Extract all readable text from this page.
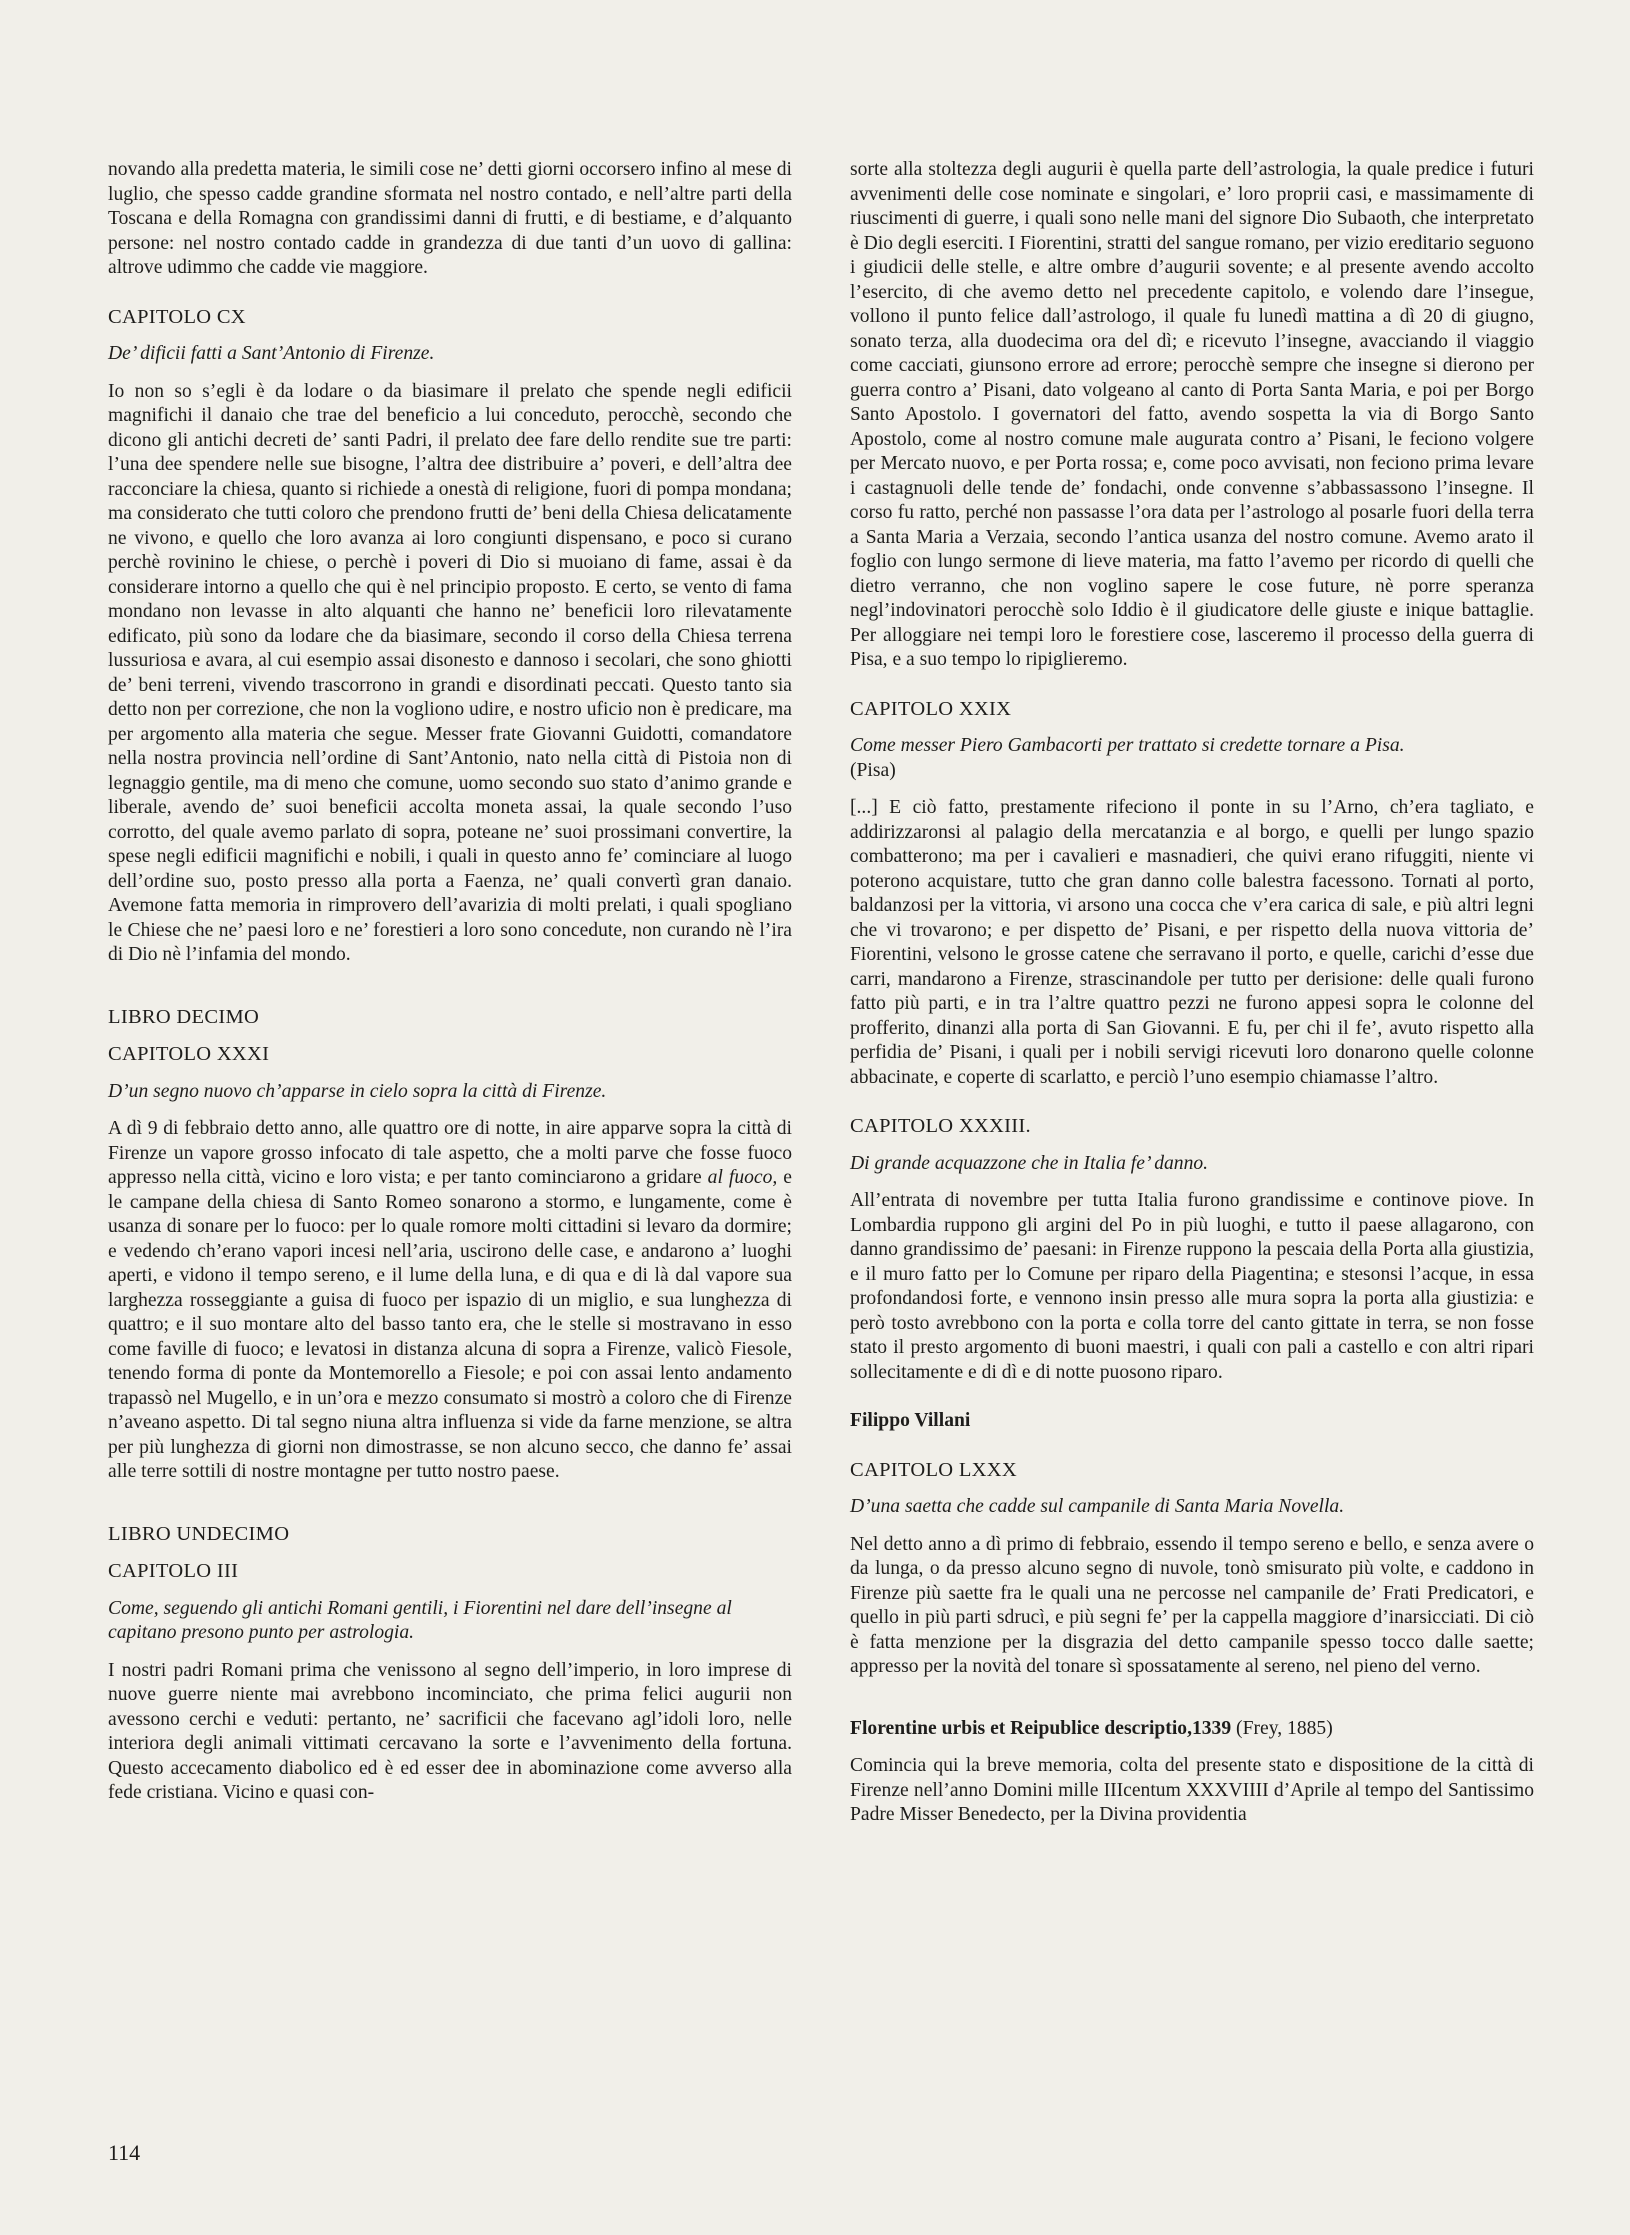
novando alla predetta materia, le simili cose ne’ detti giorni occorsero infino al mese di luglio, che spesso cadde grandine sformata nel nostro contado, e nell’altre parti della Toscana e della Romagna con grandissimi danni di frutti, e di bestiame, e d’alquanto persone: nel nostro contado cadde in grandezza di due tanti d’un uovo di gallina: altrove udimmo che cadde vie maggiore.

CAPITOLO CX
De’ dificii fatti a Sant’Antonio di Firenze.

Io non so s’egli è da lodare o da biasimare il prelato che spende negli edificii magnifichi il danaio che trae del beneficio a lui conceduto, perocchè, secondo che dicono gli antichi decreti de’ santi Padri, il prelato dee fare dello rendite sue tre parti: l’una dee spendere nelle sue bisogne, l’altra dee distribuire a’ poveri, e dell’altra dee racconciare la chiesa, quanto si richiede a onestà di religione, fuori di pompa mondana; ma considerato che tutti coloro che prendono frutti de’ beni della Chiesa delicatamente ne vivono, e quello che loro avanza ai loro congiunti dispensano, e poco si curano perchè rovinino le chiese, o perchè i poveri di Dio si muoiano di fame, assai è da considerare intorno a quello che qui è nel principio proposto. E certo, se vento di fama mondano non levasse in alto alquanti che hanno ne’ beneficii loro rilevatamente edificato, più sono da lodare che da biasimare, secondo il corso della Chiesa terrena lussuriosa e avara, al cui esempio assai disonesto e dannoso i secolari, che sono ghiotti de’ beni terreni, vivendo trascorrono in grandi e disordinati peccati. Questo tanto sia detto non per correzione, che non la vogliono udire, e nostro uficio non è predicare, ma per argomento alla materia che segue. Messer frate Giovanni Guidotti, comandatore nella nostra provincia nell’ordine di Sant’Antonio, nato nella città di Pistoia non di legnaggio gentile, ma di meno che comune, uomo secondo suo stato d’animo grande e liberale, avendo de’ suoi beneficii accolta moneta assai, la quale secondo l’uso corrotto, del quale avemo parlato di sopra, poteane ne’ suoi prossimani convertire, la spese negli edificii magnifichi e nobili, i quali in questo anno fe’ cominciare al luogo dell’ordine suo, posto presso alla porta a Faenza, ne’ quali convertì gran danaio. Avemone fatta memoria in rimprovero dell’avarizia di molti prelati, i quali spogliano le Chiese che ne’ paesi loro e ne’ forestieri a loro sono concedute, non curando nè l’ira di Dio nè l’infamia del mondo.

LIBRO DECIMO
CAPITOLO XXXI
D’un segno nuovo ch’apparse in cielo sopra la città di Firenze.

A dì 9 di febbraio detto anno, alle quattro ore di notte, in aire apparve sopra la città di Firenze un vapore grosso infocato di tale aspetto, che a molti parve che fosse fuoco appresso nella città, vicino e loro vista; e per tanto cominciarono a gridare al fuoco, e le campane della chiesa di Santo Romeo sonarono a stormo, e lungamente, come è usanza di sonare per lo fuoco: per lo quale romore molti cittadini si levaro da dormire; e vedendo ch’erano vapori incesi nell’aria, uscirono delle case, e andarono a’ luoghi aperti, e vidono il tempo sereno, e il lume della luna, e di qua e di là dal vapore sua larghezza rosseggiante a guisa di fuoco per ispazio di un miglio, e sua lunghezza di quattro; e il suo montare alto del basso tanto era, che le stelle si mostravano in esso come faville di fuoco; e levatosi in distanza alcuna di sopra a Firenze, valicò Fiesole, tenendo forma di ponte da Montemorello a Fiesole; e poi con assai lento andamento trapassò nel Mugello, e in un’ora e mezzo consumato si mostrò a coloro che di Firenze n’aveano aspetto. Di tal segno niuna altra influenza si vide da farne menzione, se altra per più lunghezza di giorni non dimostrasse, se non alcuno secco, che danno fe’ assai alle terre sottili di nostre montagne per tutto nostro paese.

LIBRO UNDECIMO
CAPITOLO III
Come, seguendo gli antichi Romani gentili, i Fiorentini nel dare dell’insegne al capitano presono punto per astrologia.

I nostri padri Romani prima che venissono al segno dell’imperio, in loro imprese di nuove guerre niente mai avrebbono incominciato, che prima felici augurii non avessono cerchi e veduti: pertanto, ne’ sacrificii che facevano agl’idoli loro, nelle interiora degli animali vittimati cercavano la sorte e l’avvenimento della fortuna. Questo accecamento diabolico ed è ed esser dee in abominazione come avverso alla fede cristiana. Vicino e quasi con-

sorte alla stoltezza degli augurii è quella parte dell’astrologia, la quale predice i futuri avvenimenti delle cose nominate e singolari, e’ loro proprii casi, e massimamente di riuscimenti di guerre, i quali sono nelle mani del signore Dio Subaoth, che interpretato è Dio degli eserciti. I Fiorentini, stratti del sangue romano, per vizio ereditario seguono i giudicii delle stelle, e altre ombre d’augurii sovente; e al presente avendo accolto l’esercito, di che avemo detto nel precedente capitolo, e volendo dare l’insegue, vollono il punto felice dall’astrologo, il quale fu lunedì mattina a dì 20 di giugno, sonato terza, alla duodecima ora del dì; e ricevuto l’insegne, avacciando il viaggio come cacciati, giunsono errore ad errore; perocchè sempre che insegne si dierono per guerra contro a’ Pisani, dato volgeano al canto di Porta Santa Maria, e poi per Borgo Santo Apostolo. I governatori del fatto, avendo sospetta la via di Borgo Santo Apostolo, come al nostro comune male augurata contro a’ Pisani, le feciono volgere per Mercato nuovo, e per Porta rossa; e, come poco avvisati, non feciono prima levare i castagnuoli delle tende de’ fondachi, onde convenne s’abbassassono l’insegne. Il corso fu ratto, perché non passasse l’ora data per l’astrologo al posarle fuori della terra a Santa Maria a Verzaia, secondo l’antica usanza del nostro comune. Avemo arato il foglio con lungo sermone di lieve materia, ma fatto l’avemo per ricordo di quelli che dietro verranno, che non voglino sapere le cose future, nè porre speranza negl’indovinatori perocchè solo Iddio è il giudicatore delle giuste e inique battaglie. Per alloggiare nei tempi loro le forestiere cose, lasceremo il processo della guerra di Pisa, e a suo tempo lo ripiglieremo.

CAPITOLO XXIX
Come messer Piero Gambacorti per trattato si credette tornare a Pisa.
(Pisa)

[...] E ciò fatto, prestamente rifeciono il ponte in su l’Arno, ch’era tagliato, e addirizzaronsi al palagio della mercatanzia e al borgo, e quelli per lungo spazio combatterono; ma per i cavalieri e masnadieri, che quivi erano rifuggiti, niente vi poterono acquistare, tutto che gran danno colle balestra facessono. Tornati al porto, baldanzosi per la vittoria, vi arsono una cocca che v’era carica di sale, e più altri legni che vi trovarono; e per dispetto de’ Pisani, e per rispetto della nuova vittoria de’ Fiorentini, velsono le grosse catene che serravano il porto, e quelle, carichi d’esse due carri, mandarono a Firenze, strascinandole per tutto per derisione: delle quali furono fatto più parti, e in tra l’altre quattro pezzi ne furono appesi sopra le colonne del profferito, dinanzi alla porta di San Giovanni. E fu, per chi il fe’, avuto rispetto alla perfidia de’ Pisani, i quali per i nobili servigi ricevuti loro donarono quelle colonne abbacinate, e coperte di scarlatto, e perciò l’uno esempio chiamasse l’altro.

CAPITOLO XXXIII.
Di grande acquazzone che in Italia fe’ danno.

All’entrata di novembre per tutta Italia furono grandissime e continove piove. In Lombardia ruppono gli argini del Po in più luoghi, e tutto il paese allagarono, con danno grandissimo de’ paesani: in Firenze ruppono la pescaia della Porta alla giustizia, e il muro fatto per lo Comune per riparo della Piagentina; e stesonsi l’acque, in essa profondandosi forte, e vennono insin presso alle mura sopra la porta alla giustizia: e però tosto avrebbono con la porta e colla torre del canto gittate in terra, se non fosse stato il presto argomento di buoni maestri, i quali con pali a castello e con altri ripari sollecitamente e di dì e di notte puosono riparo.

Filippo Villani
CAPITOLO LXXX
D’una saetta che cadde sul campanile di Santa Maria Novella.

Nel detto anno a dì primo di febbraio, essendo il tempo sereno e bello, e senza avere o da lunga, o da presso alcuno segno di nuvole, tonò smisurato più volte, e caddono in Firenze più saette fra le quali una ne percosse nel campanile de’ Frati Predicatori, e quello in più parti sdrucì, e più segni fe’ per la cappella maggiore d’inarsicciati. Di ciò è fatta menzione per la disgrazia del detto campanile spesso tocco dalle saette; appresso per la novità del tonare sì spossatamente al sereno, nel pieno del verno.

Florentine urbis et Reipublice descriptio,1339 (Frey, 1885)

Comincia qui la breve memoria, colta del presente stato e dispositione de la città di Firenze nell’anno Domini mille IIIcentum XXXVIIII d’Aprile al tempo del Santissimo Padre Misser Benedecto, per la Divina providentia

114
